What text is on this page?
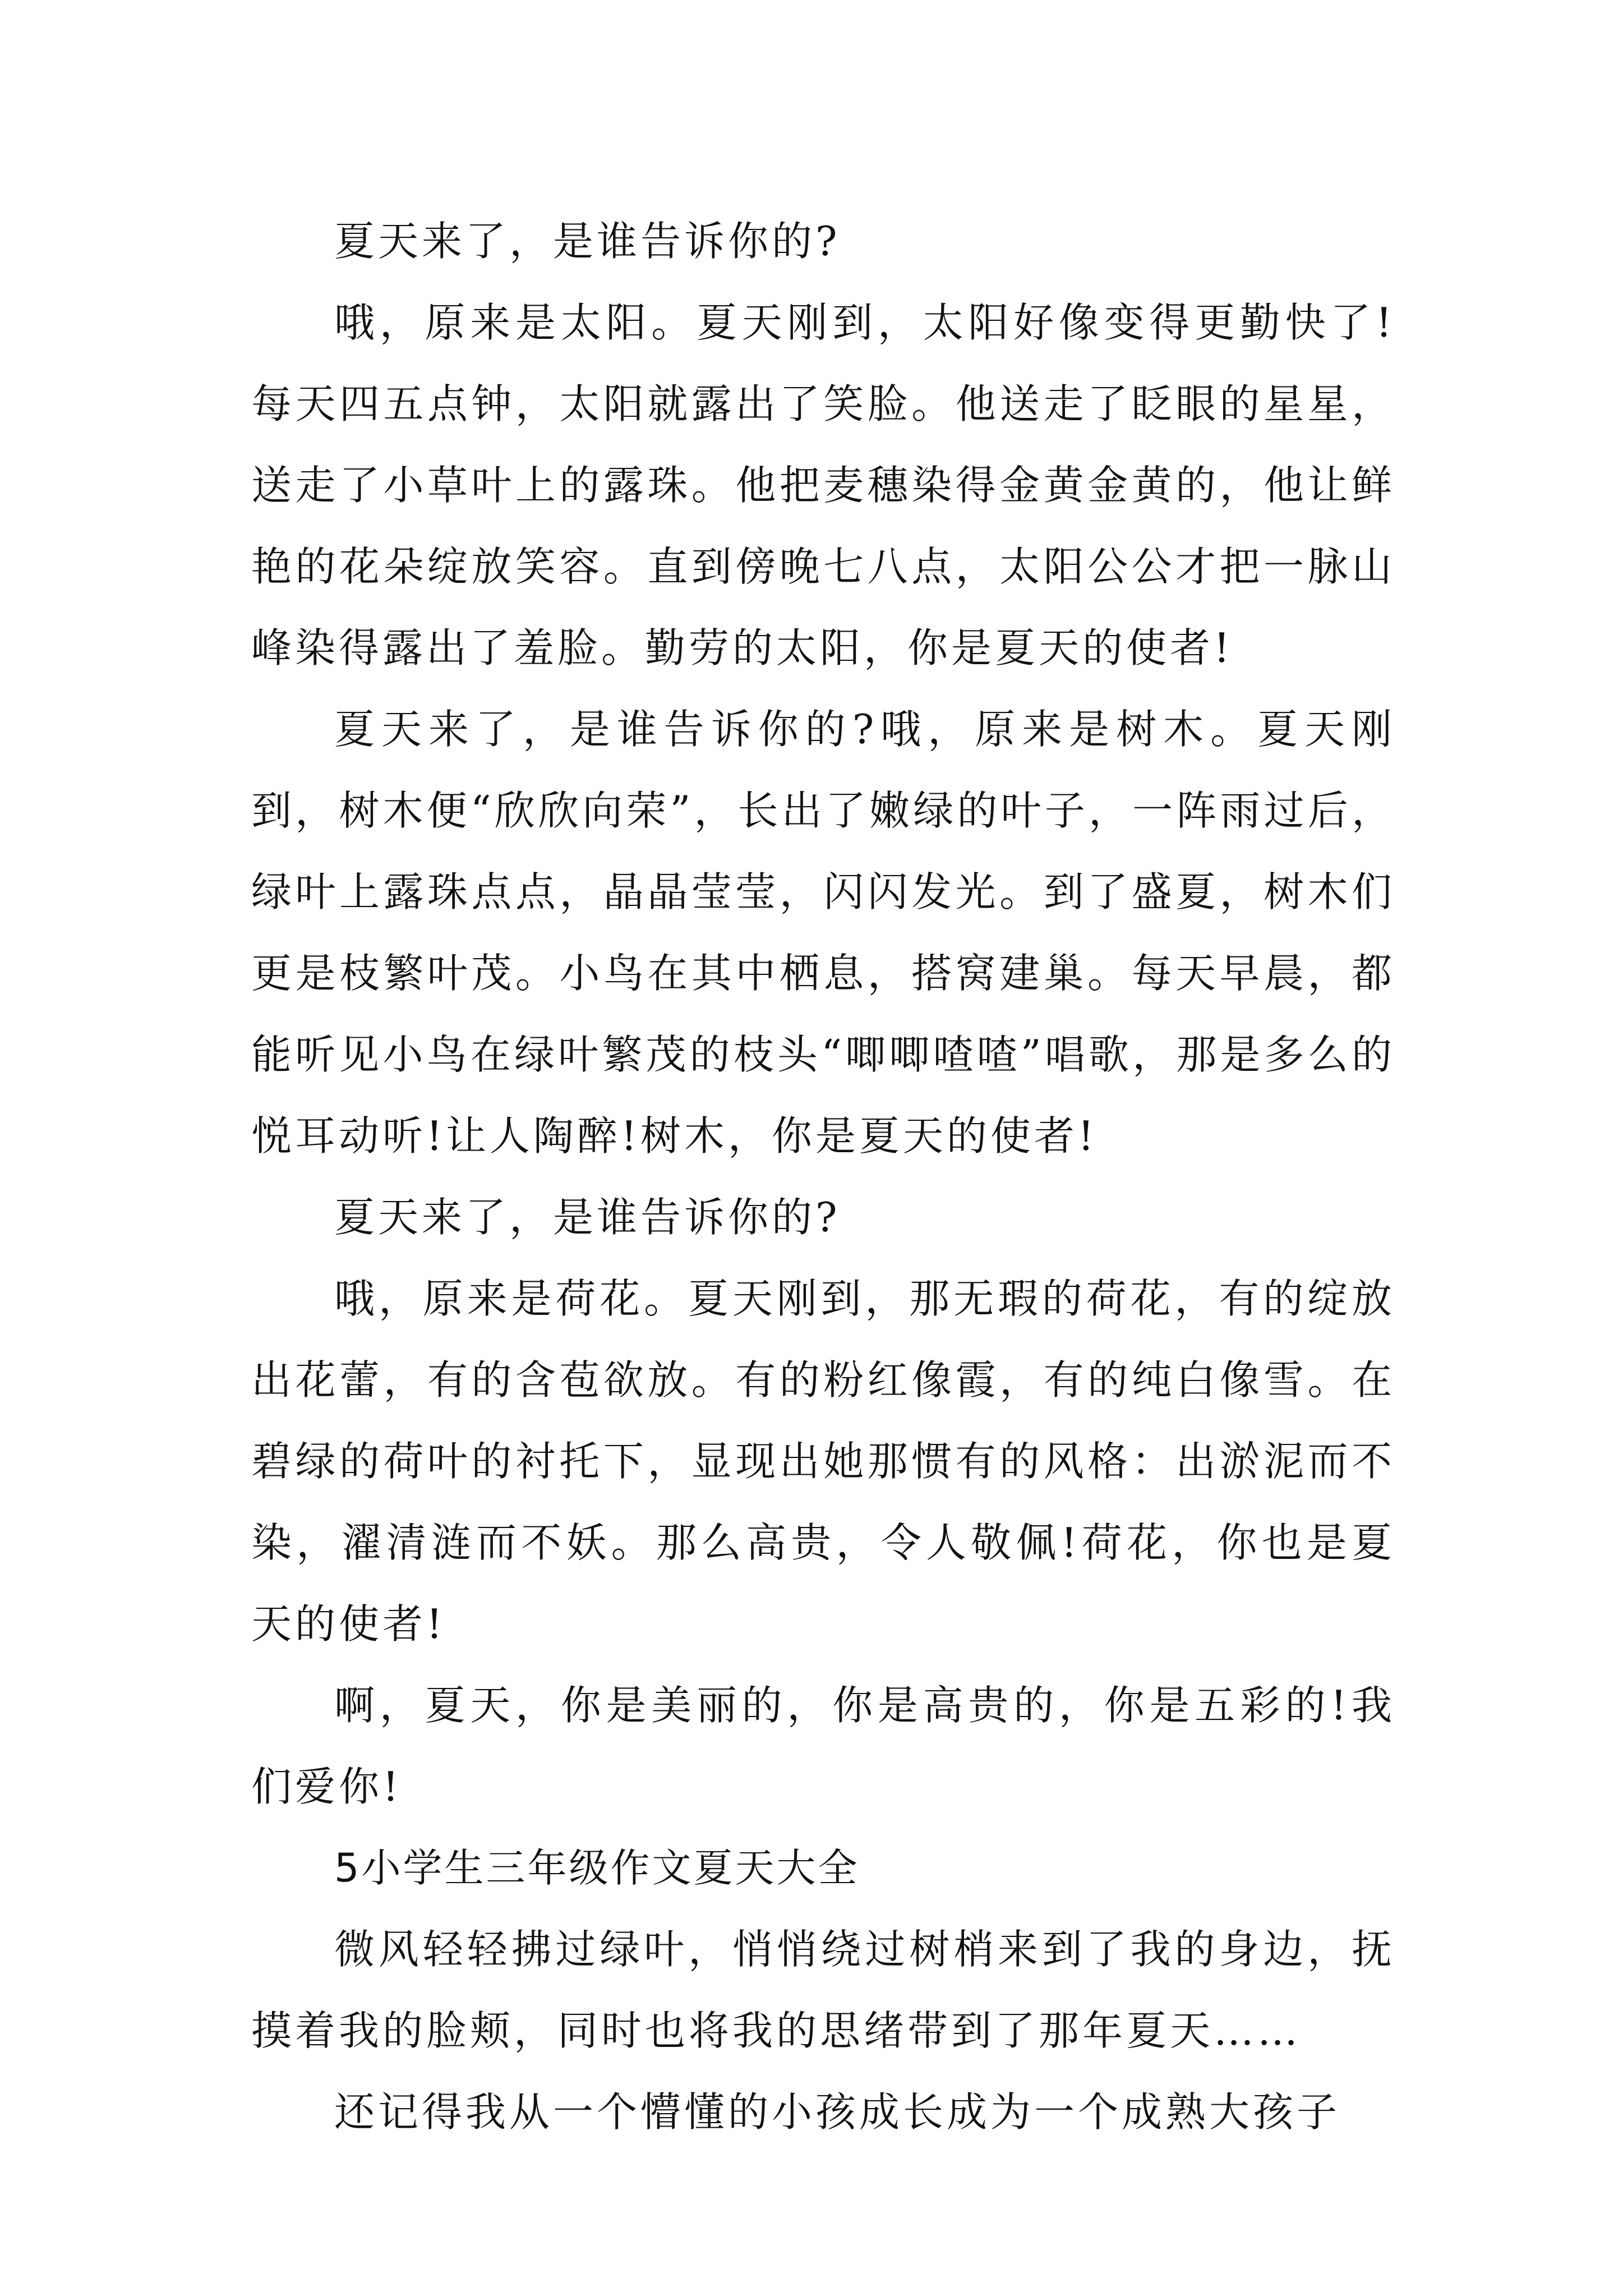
夏天来了，是谁告诉你的?

哦，原来是太阳。夏天刚到，太阳好像变得更勤快了!每天四五点钟，太阳就露出了笑脸。他送走了眨眼的星星，送走了小草叶上的露珠。他把麦穗染得金黄金黄的，他让鲜艳的花朵绽放笑容。直到傍晚七八点，太阳公公才把一脉山峰染得露出了羞脸。勤劳的太阳，你是夏天的使者!

夏天来了，是谁告诉你的?哦，原来是树木。夏天刚到，树木便“欣欣向荣”，长出了嫩绿的叶子，一阵雨过后，绿叶上露珠点点，晶晶莹莹，闪闪发光。到了盛夏，树木们更是枝繁叶茂。小鸟在其中栖息，搭窝建巢。每天早晨，都能听见小鸟在绿叶繁茂的枝头“唧唧喳喳”唱歌，那是多么的悦耳动听!让人陶醉!树木，你是夏天的使者!

夏天来了，是谁告诉你的?

哦，原来是荷花。夏天刚到，那无瑕的荷花，有的绽放出花蕾，有的含苞欲放。有的粉红像霞，有的纯白像雪。在碧绿的荷叶的衬托下，显现出她那惯有的风格：出淤泥而不染，濯清涟而不妖。那么高贵，令人敬佩!荷花，你也是夏天的使者!

啊，夏天，你是美丽的，你是高贵的，你是五彩的!我们爱你!

5小学生三年级作文夏天大全

微风轻轻拂过绿叶，悄悄绕过树梢来到了我的身边，抚摸着我的脸颊，同时也将我的思绪带到了那年夏天……

还记得我从一个懵懂的小孩成长成为一个成熟大孩子
